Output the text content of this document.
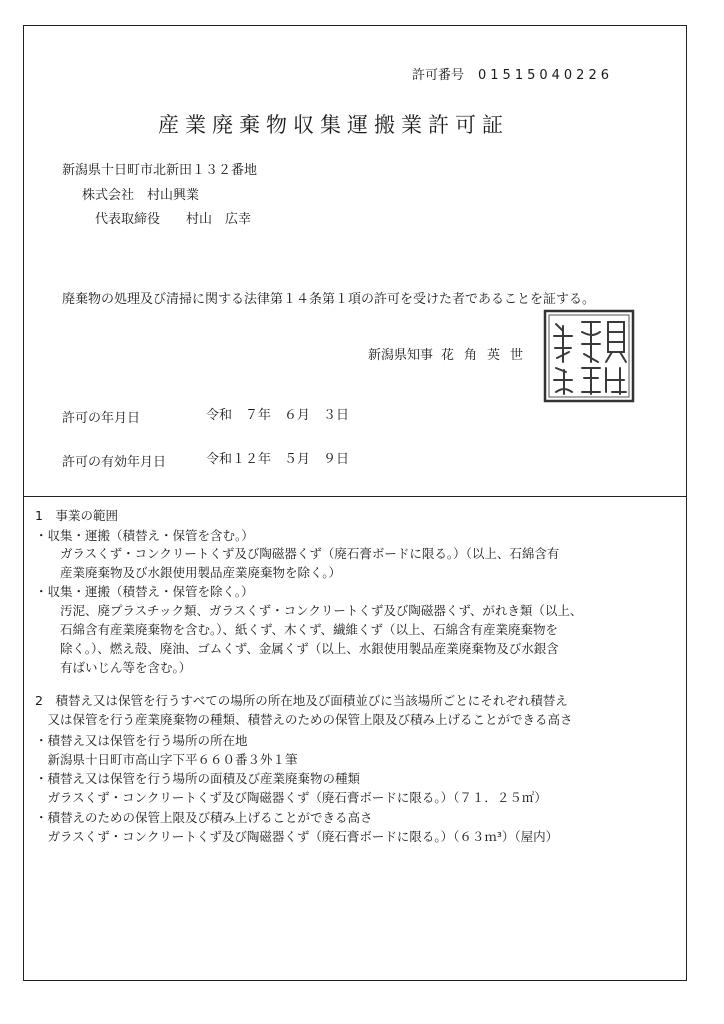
許可番号 01515040226
産業廃棄物収集運搬業許可証
新潟県十日町市北新田１３２番地
株式会社　村山興業
代表取締役　　村山　広幸
廃棄物の処理及び清掃に関する法律第１４条第１項の許可を受けた者であることを証する。
新潟県知事 花角英世
許可の年月日	令和　７年　６月　３日
許可の有効年月日	令和１２年　５月　９日
1　事業の範囲
・収集・運搬（積替え・保管を含む。）
　　ガラスくず・コンクリートくず及び陶磁器くず（廃石膏ボードに限る。）（以上、石綿含有
　　産業廃棄物及び水銀使用製品産業廃棄物を除く。）
・収集・運搬（積替え・保管を除く。）
　　汚泥、廃プラスチック類、ガラスくず・コンクリートくず及び陶磁器くず、がれき類（以上、
　　石綿含有産業廃棄物を含む。）、紙くず、木くず、繊維くず（以上、石綿含有産業廃棄物を
　　除く。）、燃え殻、廃油、ゴムくず、金属くず（以上、水銀使用製品産業廃棄物及び水銀含
　　有ばいじん等を含む。）
2　積替え又は保管を行うすべての場所の所在地及び面積並びに当該場所ごとにそれぞれ積替え
　又は保管を行う産業廃棄物の種類、積替えのための保管上限及び積み上げることができる高さ
・積替え又は保管を行う場所の所在地
　新潟県十日町市高山字下平６６０番３外１筆
・積替え又は保管を行う場所の面積及び産業廃棄物の種類
　ガラスくず・コンクリートくず及び陶磁器くず（廃石膏ボードに限る。）（７１．２５㎡）
・積替えのための保管上限及び積み上げることができる高さ
　ガラスくず・コンクリートくず及び陶磁器くず（廃石膏ボードに限る。）（６３ｍ³）（屋内）
